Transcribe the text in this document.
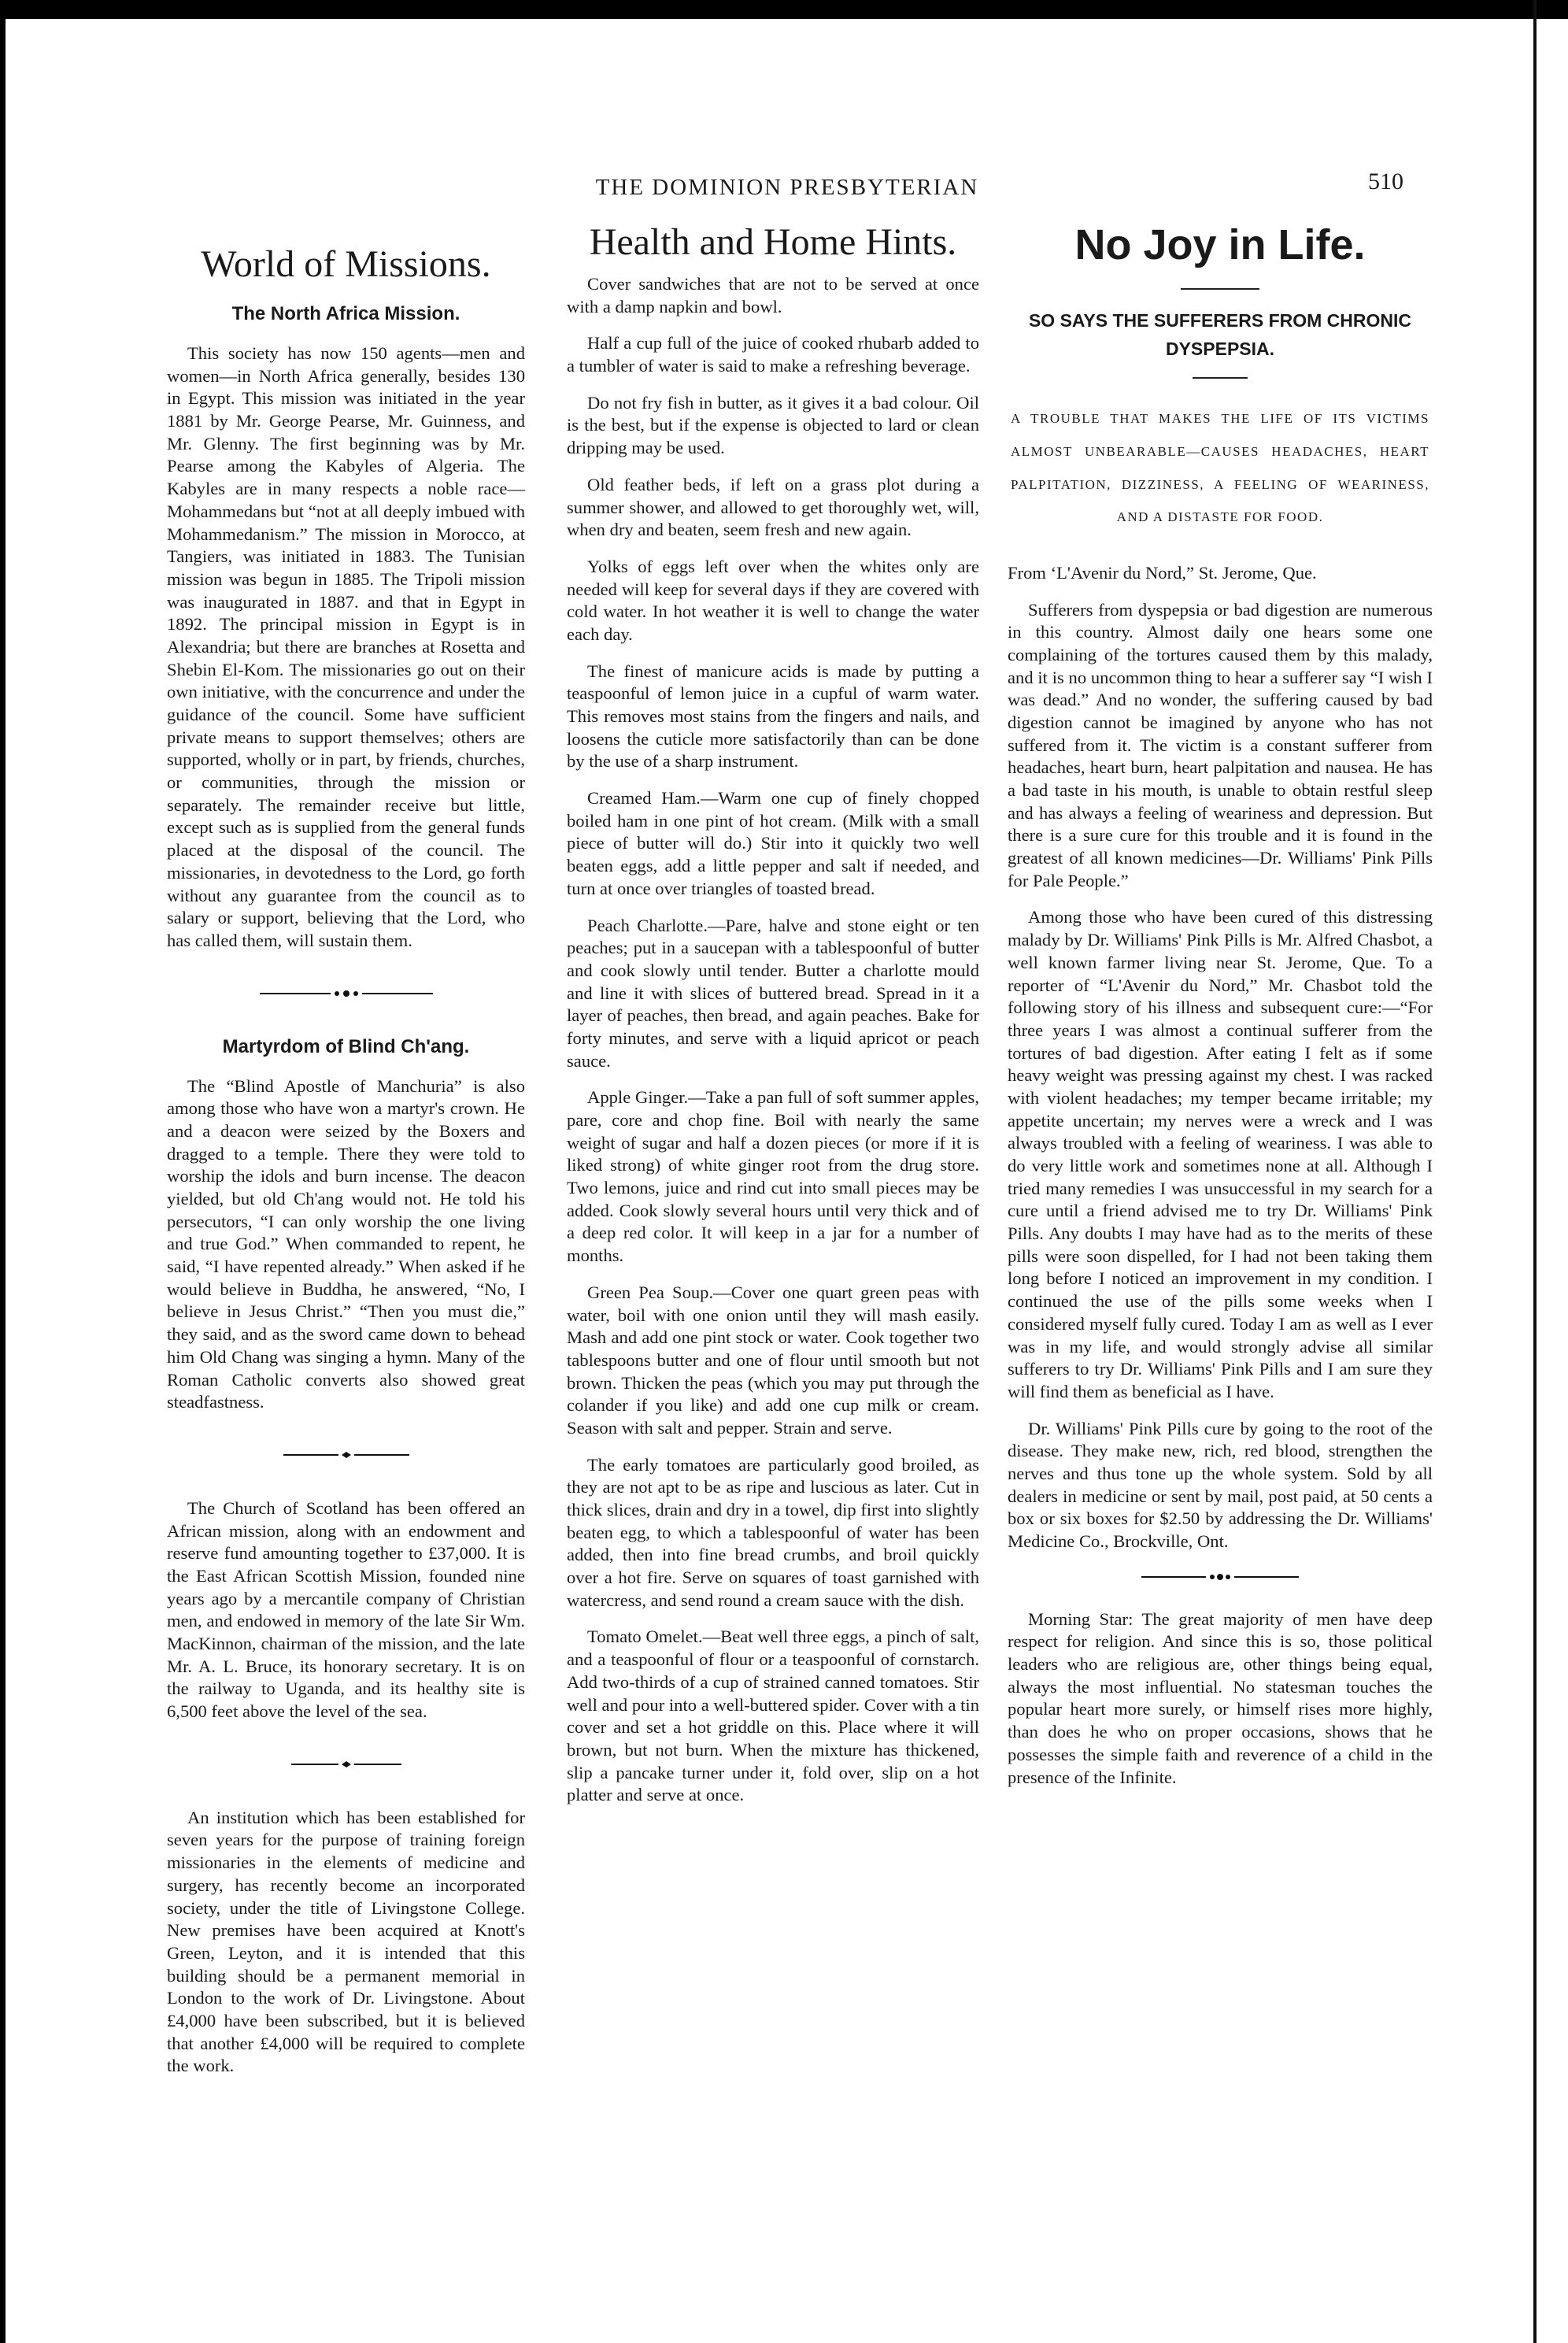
THE DOMINION PRESBYTERIAN	510
World of Missions.
The North Africa Mission.

This society has now 150 agents—men and women—in North Africa generally, besides 130 in Egypt. This mission was initiated in the year 1881 by Mr. George Pearse, Mr. Guinness, and Mr. Glenny. The first beginning was by Mr. Pearse among the Kabyles of Algeria. The Kabyles are in many respects a noble race—Mohammedans but “not at all deeply imbued with Mohammedanism.” The mission in Morocco, at Tangiers, was initiated in 1883. The Tunisian mission was begun in 1885. The Tripoli mission was inaugurated in 1887. and that in Egypt in 1892. The principal mission in Egypt is in Alexandria; but there are branches at Rosetta and Shebin El-Kom. The missionaries go out on their own initiative, with the concurrence and under the guidance of the council. Some have sufficient private means to support themselves; others are supported, wholly or in part, by friends, churches, or communities, through the mission or separately. The remainder receive but little, except such as is supplied from the general funds placed at the disposal of the council. The missionaries, in devotedness to the Lord, go forth without any guarantee from the council as to salary or support, believing that the Lord, who has called them, will sustain them.

Martyrdom of Blind Ch'ang.

The “Blind Apostle of Manchuria” is also among those who have won a martyr's crown. He and a deacon were seized by the Boxers and dragged to a temple. There they were told to worship the idols and burn incense. The deacon yielded, but old Ch'ang would not. He told his persecutors, “I can only worship the one living and true God.” When commanded to repent, he said, “I have repented already.” When asked if he would believe in Buddha, he answered, “No, I believe in Jesus Christ.” “Then you must die,” they said, and as the sword came down to behead him Old Chang was singing a hymn. Many of the Roman Catholic converts also showed great steadfastness.

The Church of Scotland has been offered an African mission, along with an endowment and reserve fund amounting together to £37,000. It is the East African Scottish Mission, founded nine years ago by a mercantile company of Christian men, and endowed in memory of the late Sir Wm. MacKinnon, chairman of the mission, and the late Mr. A. L. Bruce, its honorary secretary. It is on the railway to Uganda, and its healthy site is 6,500 feet above the level of the sea.

An institution which has been established for seven years for the purpose of training foreign missionaries in the elements of medicine and surgery, has recently become an incorporated society, under the title of Livingstone College. New premises have been acquired at Knott's Green, Leyton, and it is intended that this building should be a permanent memorial in London to the work of Dr. Livingstone. About £4,000 have been subscribed, but it is believed that another £4,000 will be required to complete the work.

Health and Home Hints.

Cover sandwiches that are not to be served at once with a damp napkin and bowl.

Half a cup full of the juice of cooked rhubarb added to a tumbler of water is said to make a refreshing beverage.

Do not fry fish in butter, as it gives it a bad colour. Oil is the best, but if the expense is objected to lard or clean dripping may be used.

Old feather beds, if left on a grass plot during a summer shower, and allowed to get thoroughly wet, will, when dry and beaten, seem fresh and new again.

Yolks of eggs left over when the whites only are needed will keep for several days if they are covered with cold water. In hot weather it is well to change the water each day.

The finest of manicure acids is made by putting a teaspoonful of lemon juice in a cupful of warm water. This removes most stains from the fingers and nails, and loosens the cuticle more satisfactorily than can be done by the use of a sharp instrument.

Creamed Ham.—Warm one cup of finely chopped boiled ham in one pint of hot cream. (Milk with a small piece of butter will do.) Stir into it quickly two well beaten eggs, add a little pepper and salt if needed, and turn at once over triangles of toasted bread.

Peach Charlotte.—Pare, halve and stone eight or ten peaches; put in a saucepan with a tablespoonful of butter and cook slowly until tender. Butter a charlotte mould and line it with slices of buttered bread. Spread in it a layer of peaches, then bread, and again peaches. Bake for forty minutes, and serve with a liquid apricot or peach sauce.

Apple Ginger.—Take a pan full of soft summer apples, pare, core and chop fine. Boil with nearly the same weight of sugar and half a dozen pieces (or more if it is liked strong) of white ginger root from the drug store. Two lemons, juice and rind cut into small pieces may be added. Cook slowly several hours until very thick and of a deep red color. It will keep in a jar for a number of months.

Green Pea Soup.—Cover one quart green peas with water, boil with one onion until they will mash easily. Mash and add one pint stock or water. Cook together two tablespoons butter and one of flour until smooth but not brown. Thicken the peas (which you may put through the colander if you like) and add one cup milk or cream. Season with salt and pepper. Strain and serve.

The early tomatoes are particularly good broiled, as they are not apt to be as ripe and luscious as later. Cut in thick slices, drain and dry in a towel, dip first into slightly beaten egg, to which a tablespoonful of water has been added, then into fine bread crumbs, and broil quickly over a hot fire. Serve on squares of toast garnished with watercress, and send round a cream sauce with the dish.

Tomato Omelet.—Beat well three eggs, a pinch of salt, and a teaspoonful of flour or a teaspoonful of cornstarch. Add two-thirds of a cup of strained canned tomatoes. Stir well and pour into a well-buttered spider. Cover with a tin cover and set a hot griddle on this. Place where it will brown, but not burn. When the mixture has thickened, slip a pancake turner under it, fold over, slip on a hot platter and serve at once.

No Joy in Life.
SO SAYS THE SUFFERERS FROM CHRONIC DYSPEPSIA.
A TROUBLE THAT MAKES THE LIFE OF ITS VICTIMS ALMOST UNBEARABLE—CAUSES HEADACHES, HEART PALPITATION, DIZZINESS, A FEELING OF WEARINESS, AND A DISTASTE FOR FOOD.

From ‘L'Avenir du Nord,” St. Jerome, Que.

Sufferers from dyspepsia or bad digestion are numerous in this country. Almost daily one hears some one complaining of the tortures caused them by this malady, and it is no uncommon thing to hear a sufferer say “I wish I was dead.” And no wonder, the suffering caused by bad digestion cannot be imagined by anyone who has not suffered from it. The victim is a constant sufferer from headaches, heart burn, heart palpitation and nausea. He has a bad taste in his mouth, is unable to obtain restful sleep and has always a feeling of weariness and depression. But there is a sure cure for this trouble and it is found in the greatest of all known medicines—Dr. Williams' Pink Pills for Pale People.”

Among those who have been cured of this distressing malady by Dr. Williams' Pink Pills is Mr. Alfred Chasbot, a well known farmer living near St. Jerome, Que. To a reporter of “L'Avenir du Nord,” Mr. Chasbot told the following story of his illness and subsequent cure:—“For three years I was almost a continual sufferer from the tortures of bad digestion. After eating I felt as if some heavy weight was pressing against my chest. I was racked with violent headaches; my temper became irritable; my appetite uncertain; my nerves were a wreck and I was always troubled with a feeling of weariness. I was able to do very little work and sometimes none at all. Although I tried many remedies I was unsuccessful in my search for a cure until a friend advised me to try Dr. Williams' Pink Pills. Any doubts I may have had as to the merits of these pills were soon dispelled, for I had not been taking them long before I noticed an improvement in my condition. I continued the use of the pills some weeks when I considered myself fully cured. Today I am as well as I ever was in my life, and would strongly advise all similar sufferers to try Dr. Williams' Pink Pills and I am sure they will find them as beneficial as I have.

Dr. Williams' Pink Pills cure by going to the root of the disease. They make new, rich, red blood, strengthen the nerves and thus tone up the whole system. Sold by all dealers in medicine or sent by mail, post paid, at 50 cents a box or six boxes for $2.50 by addressing the Dr. Williams' Medicine Co., Brockville, Ont.

Morning Star: The great majority of men have deep respect for religion. And since this is so, those political leaders who are religious are, other things being equal, always the most influential. No statesman touches the popular heart more surely, or himself rises more highly, than does he who on proper occasions, shows that he possesses the simple faith and reverence of a child in the presence of the Infinite.
